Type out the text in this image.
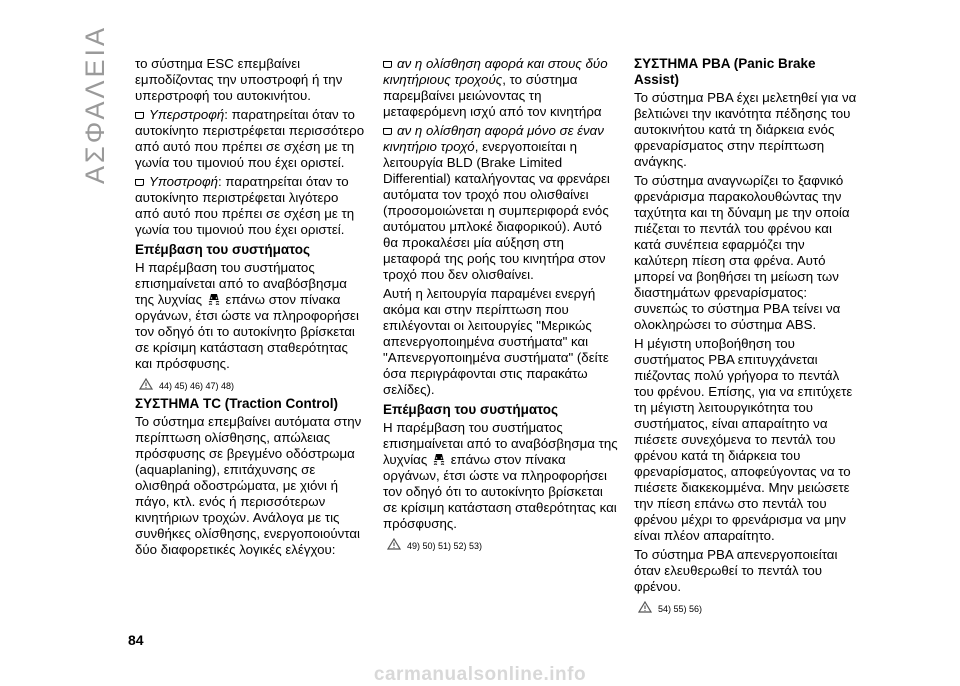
ΑΣΦΑΛΕΙΑ το σύστημα ESC επεμβαίνει εμποδίζοντας την υποστροφή ή την υπερστροφή του αυτοκινήτου.

Υπερστροφή: παρατηρείται όταν το αυτοκίνητο περιστρέφεται περισσότερο από αυτό που πρέπει σε σχέση με τη γωνία του τιμονιού που έχει οριστεί.

Υποστροφή: παρατηρείται όταν το αυτοκίνητο περιστρέφεται λιγότερο από αυτό που πρέπει σε σχέση με τη γωνία του τιμονιού που έχει οριστεί.

Επέμβαση του συστήματος

Η παρέμβαση του συστήματος επισημαίνεται από το αναβόσβησμα της λυχνίας επάνω στον πίνακα οργάνων, έτσι ώστε να πληροφορήσει τον οδηγό ότι το αυτοκίνητο βρίσκεται σε κρίσιμη κατάσταση σταθερότητας και πρόσφυσης.

44) 45) 46) 47) 48)

ΣΥΣΤΗΜΑ TC (Traction Control)

Το σύστημα επεμβαίνει αυτόματα στην περίπτωση ολίσθησης, απώλειας πρόσφυσης σε βρεγμένο οδόστρωμα (aquaplaning), επιτάχυνσης σε ολισθηρά οδοστρώματα, με χιόνι ή πάγο, κτλ. ενός ή περισσότερων κινητήριων τροχών. Ανάλογα με τις συνθήκες ολίσθησης, ενεργοποιούνται δύο διαφορετικές λογικές ελέγχου:

αν η ολίσθηση αφορά και στους δύο κινητήριους τροχούς, το σύστημα παρεμβαίνει μειώνοντας τη μεταφερόμενη ισχύ από τον κινητήρα

αν η ολίσθηση αφορά μόνο σε έναν κινητήριο τροχό, ενεργοποιείται η λειτουργία BLD (Brake Limited Differential) καταλήγοντας να φρενάρει αυτόματα τον τροχό που ολισθαίνει (προσομοιώνεται η συμπεριφορά ενός αυτόματου μπλοκέ διαφορικού). Αυτό θα προκαλέσει μία αύξηση στη μεταφορά της ροής του κινητήρα στον τροχό που δεν ολισθαίνει.

Αυτή η λειτουργία παραμένει ενεργή ακόμα και στην περίπτωση που επιλέγονται οι λειτουργίες "Μερικώς απενεργοποιημένα συστήματα" και "Απενεργοποιημένα συστήματα" (δείτε όσα περιγράφονται στις παρακάτω σελίδες).

Επέμβαση του συστήματος

Η παρέμβαση του συστήματος επισημαίνεται από το αναβόσβησμα της λυχνίας επάνω στον πίνακα οργάνων, έτσι ώστε να πληροφορήσει τον οδηγό ότι το αυτοκίνητο βρίσκεται σε κρίσιμη κατάσταση σταθερότητας και πρόσφυσης.

49) 50) 51) 52) 53)

ΣΥΣΤΗΜΑ PBA (Panic Brake Assist)

Το σύστημα PBA έχει μελετηθεί για να βελτιώνει την ικανότητα πέδησης του αυτοκινήτου κατά τη διάρκεια ενός φρεναρίσματος στην περίπτωση ανάγκης.

Το σύστημα αναγνωρίζει το ξαφνικό φρενάρισμα παρακολουθώντας την ταχύτητα και τη δύναμη με την οποία πιέζεται το πεντάλ του φρένου και κατά συνέπεια εφαρμόζει την καλύτερη πίεση στα φρένα. Αυτό μπορεί να βοηθήσει τη μείωση των διαστημάτων φρεναρίσματος: συνεπώς το σύστημα PBA τείνει να ολοκληρώσει το σύστημα ABS.

Η μέγιστη υποβοήθηση του συστήματος PBA επιτυγχάνεται πιέζοντας πολύ γρήγορα το πεντάλ του φρένου. Επίσης, για να επιτύχετε τη μέγιστη λειτουργικότητα του συστήματος, είναι απαραίτητο να πιέσετε συνεχόμενα το πεντάλ του φρένου κατά τη διάρκεια του φρεναρίσματος, αποφεύγοντας να το πιέσετε διακεκομμένα. Μην μειώσετε την πίεση επάνω στο πεντάλ του φρένου μέχρι το φρενάρισμα να μην είναι πλέον απαραίτητο.

Το σύστημα PBA απενεργοποιείται όταν ελευθερωθεί το πεντάλ του φρένου.

54) 55) 56)
84
carmanualsonline.info
